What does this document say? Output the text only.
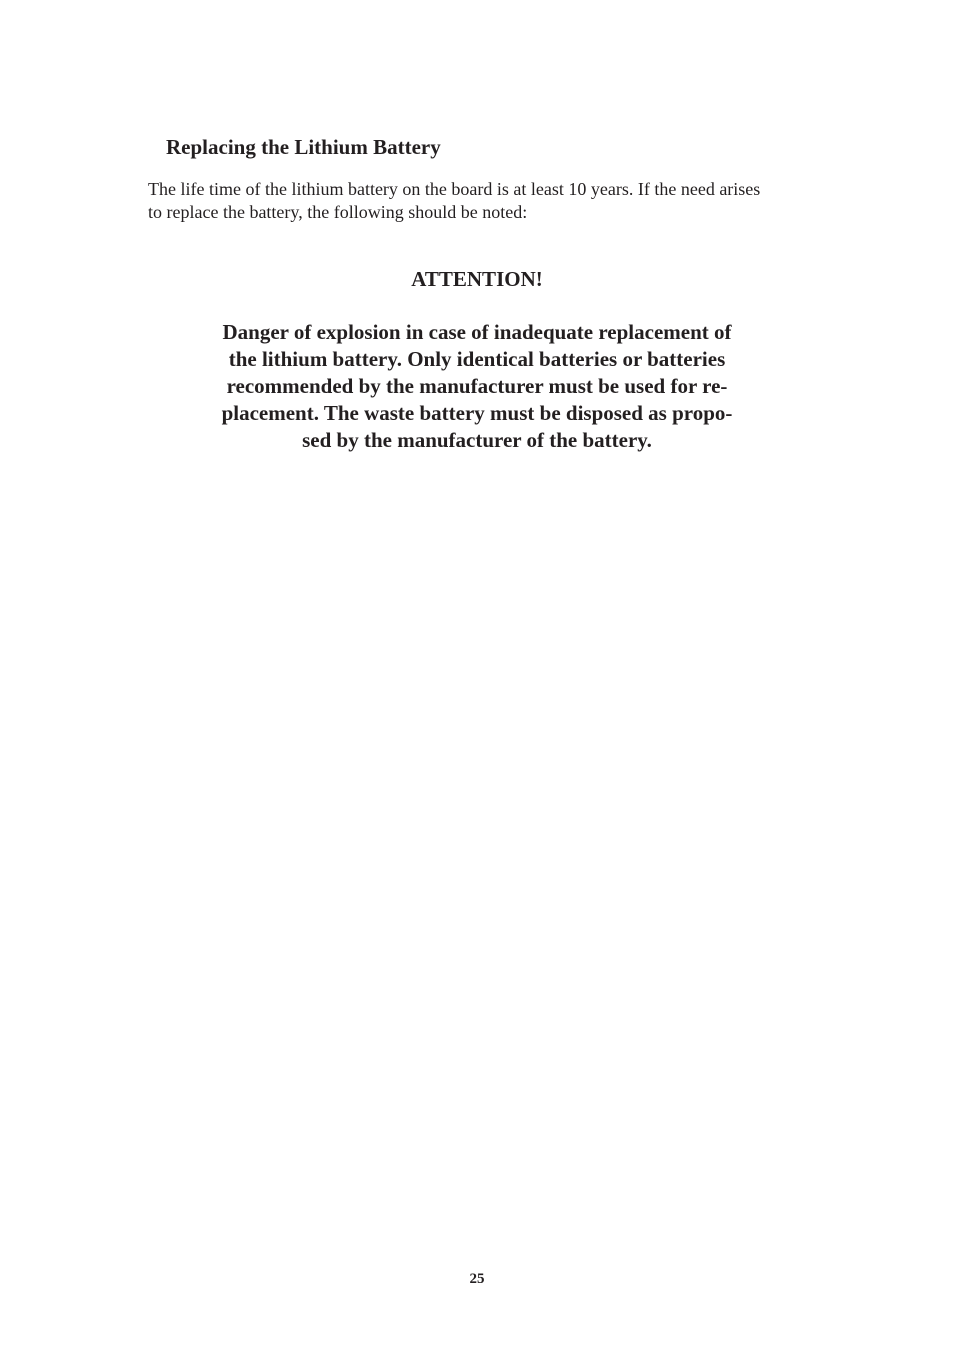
Replacing the Lithium Battery

The life time of the lithium battery on the board is at least 10 years. If the need arises
to replace the battery, the following should be noted:

ATTENTION!

Danger of explosion in case of inadequate replacement of
the lithium battery. Only identical batteries or batteries
recommended by the manufacturer must be used for re-
placement. The waste battery must be disposed as propo-
sed by the manufacturer of the battery.

25
